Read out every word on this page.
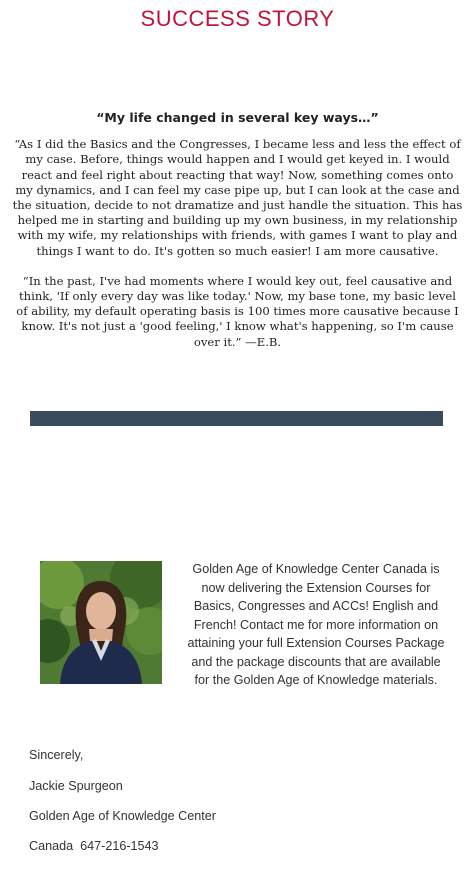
SUCCESS STORY
“My life changed in several key ways…”

“As I did the Basics and the Congresses, I became less and less the effect of my case. Before, things would happen and I would get keyed in. I would react and feel right about reacting that way! Now, something comes onto my dynamics, and I can feel my case pipe up, but I can look at the case and the situation, decide to not dramatize and just handle the situation. This has helped me in starting and building up my own business, in my relationship with my wife, my relationships with friends, with games I want to play and things I want to do. It's gotten so much easier! I am more causative.

“In the past, I've had moments where I would key out, feel causative and think, 'If only every day was like today.' Now, my base tone, my basic level of ability, my default operating basis is 100 times more causative because I know. It's not just a 'good feeling,' I know what's happening, so I'm cause over it.” —E.B.

Golden Age of Knowledge Center Canada is now delivering the Extension Courses for Basics, Congresses and ACCs! English and French! Contact me for more information on attaining your full Extension Courses Package and the package discounts that are available for the Golden Age of Knowledge materials.
Sincerely,
Jackie Spurgeon
Golden Age of Knowledge Center
Canada  647-216-1543
